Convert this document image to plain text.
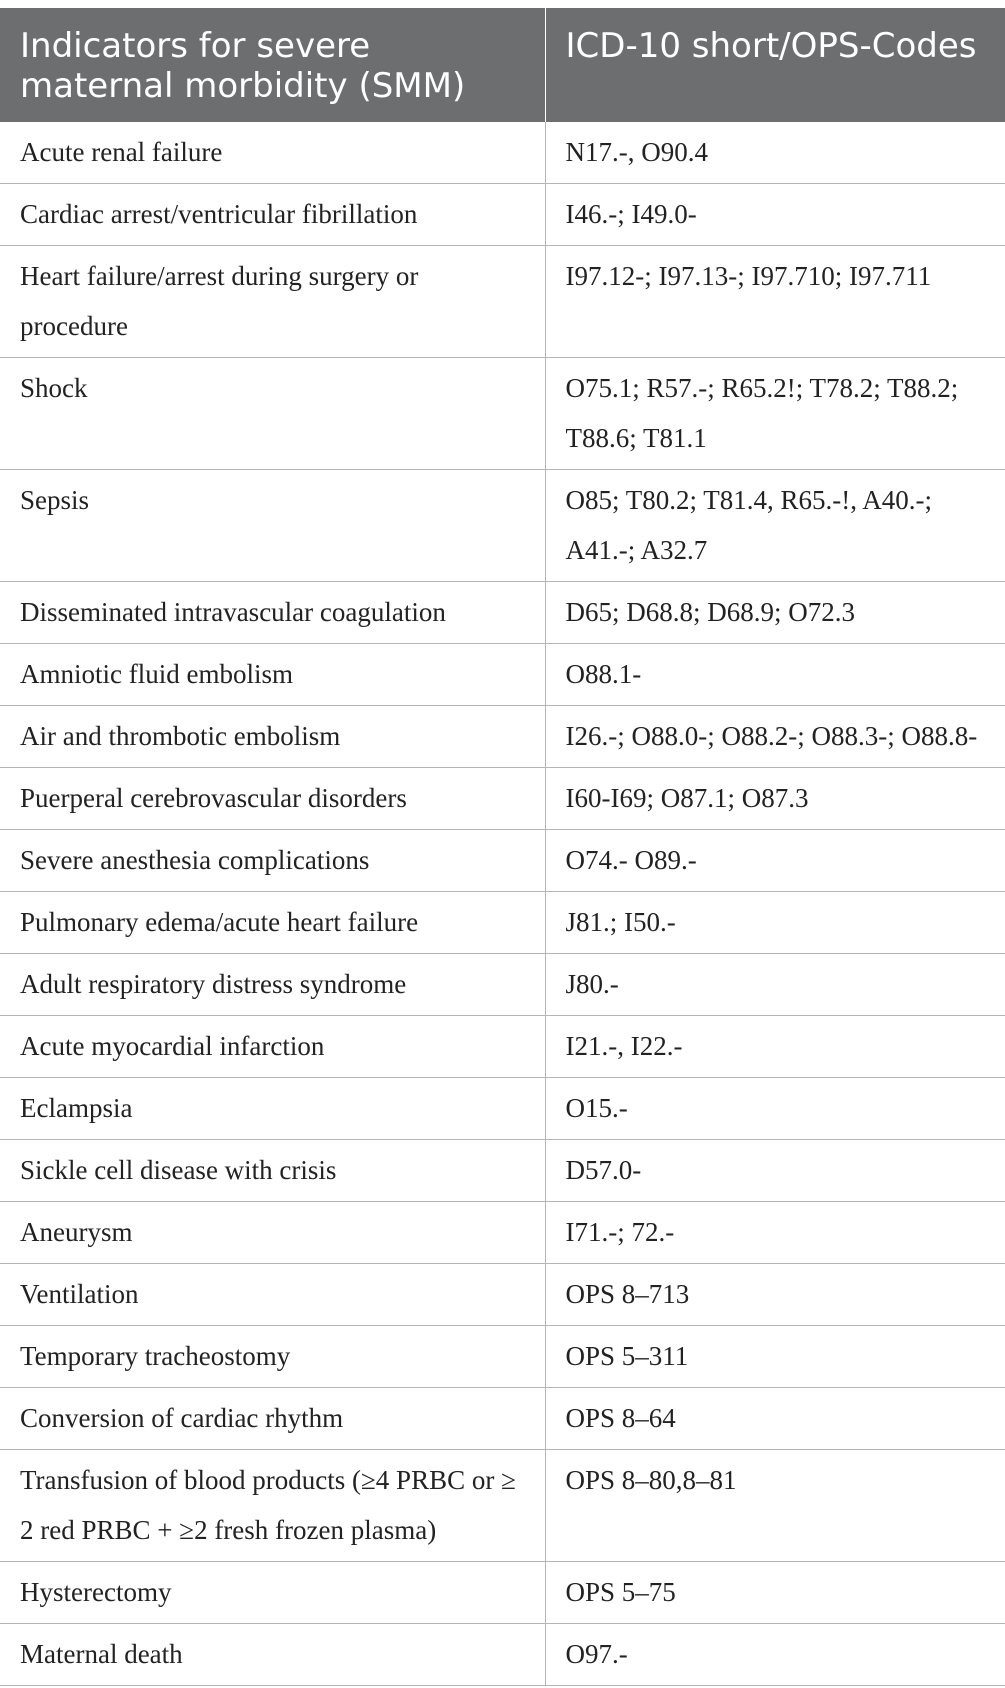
Indicators for severe maternal morbidity (SMM)	ICD-10 short/OPS-Codes
Acute renal failure	N17.-, O90.4
Cardiac arrest/ventricular fibrillation	I46.-; I49.0-
Heart failure/arrest during surgery or procedure	I97.12-; I97.13-; I97.710; I97.711
Shock	O75.1; R57.-; R65.2!; T78.2; T88.2; T88.6; T81.1
Sepsis	O85; T80.2; T81.4, R65.-!, A40.-; A41.-; A32.7
Disseminated intravascular coagulation	D65; D68.8; D68.9; O72.3
Amniotic fluid embolism	O88.1-
Air and thrombotic embolism	I26.-; O88.0-; O88.2-; O88.3-; O88.8-
Puerperal cerebrovascular disorders	I60-I69; O87.1; O87.3
Severe anesthesia complications	O74.- O89.-
Pulmonary edema/acute heart failure	J81.; I50.-
Adult respiratory distress syndrome	J80.-
Acute myocardial infarction	I21.-, I22.-
Eclampsia	O15.-
Sickle cell disease with crisis	D57.0-
Aneurysm	I71.-; 72.-
Ventilation	OPS 8–713
Temporary tracheostomy	OPS 5–311
Conversion of cardiac rhythm	OPS 8–64
Transfusion of blood products (≥4 PRBC or ≥ 2 red PRBC + ≥2 fresh frozen plasma)	OPS 8–80,8–81
Hysterectomy	OPS 5–75
Maternal death	O97.-
